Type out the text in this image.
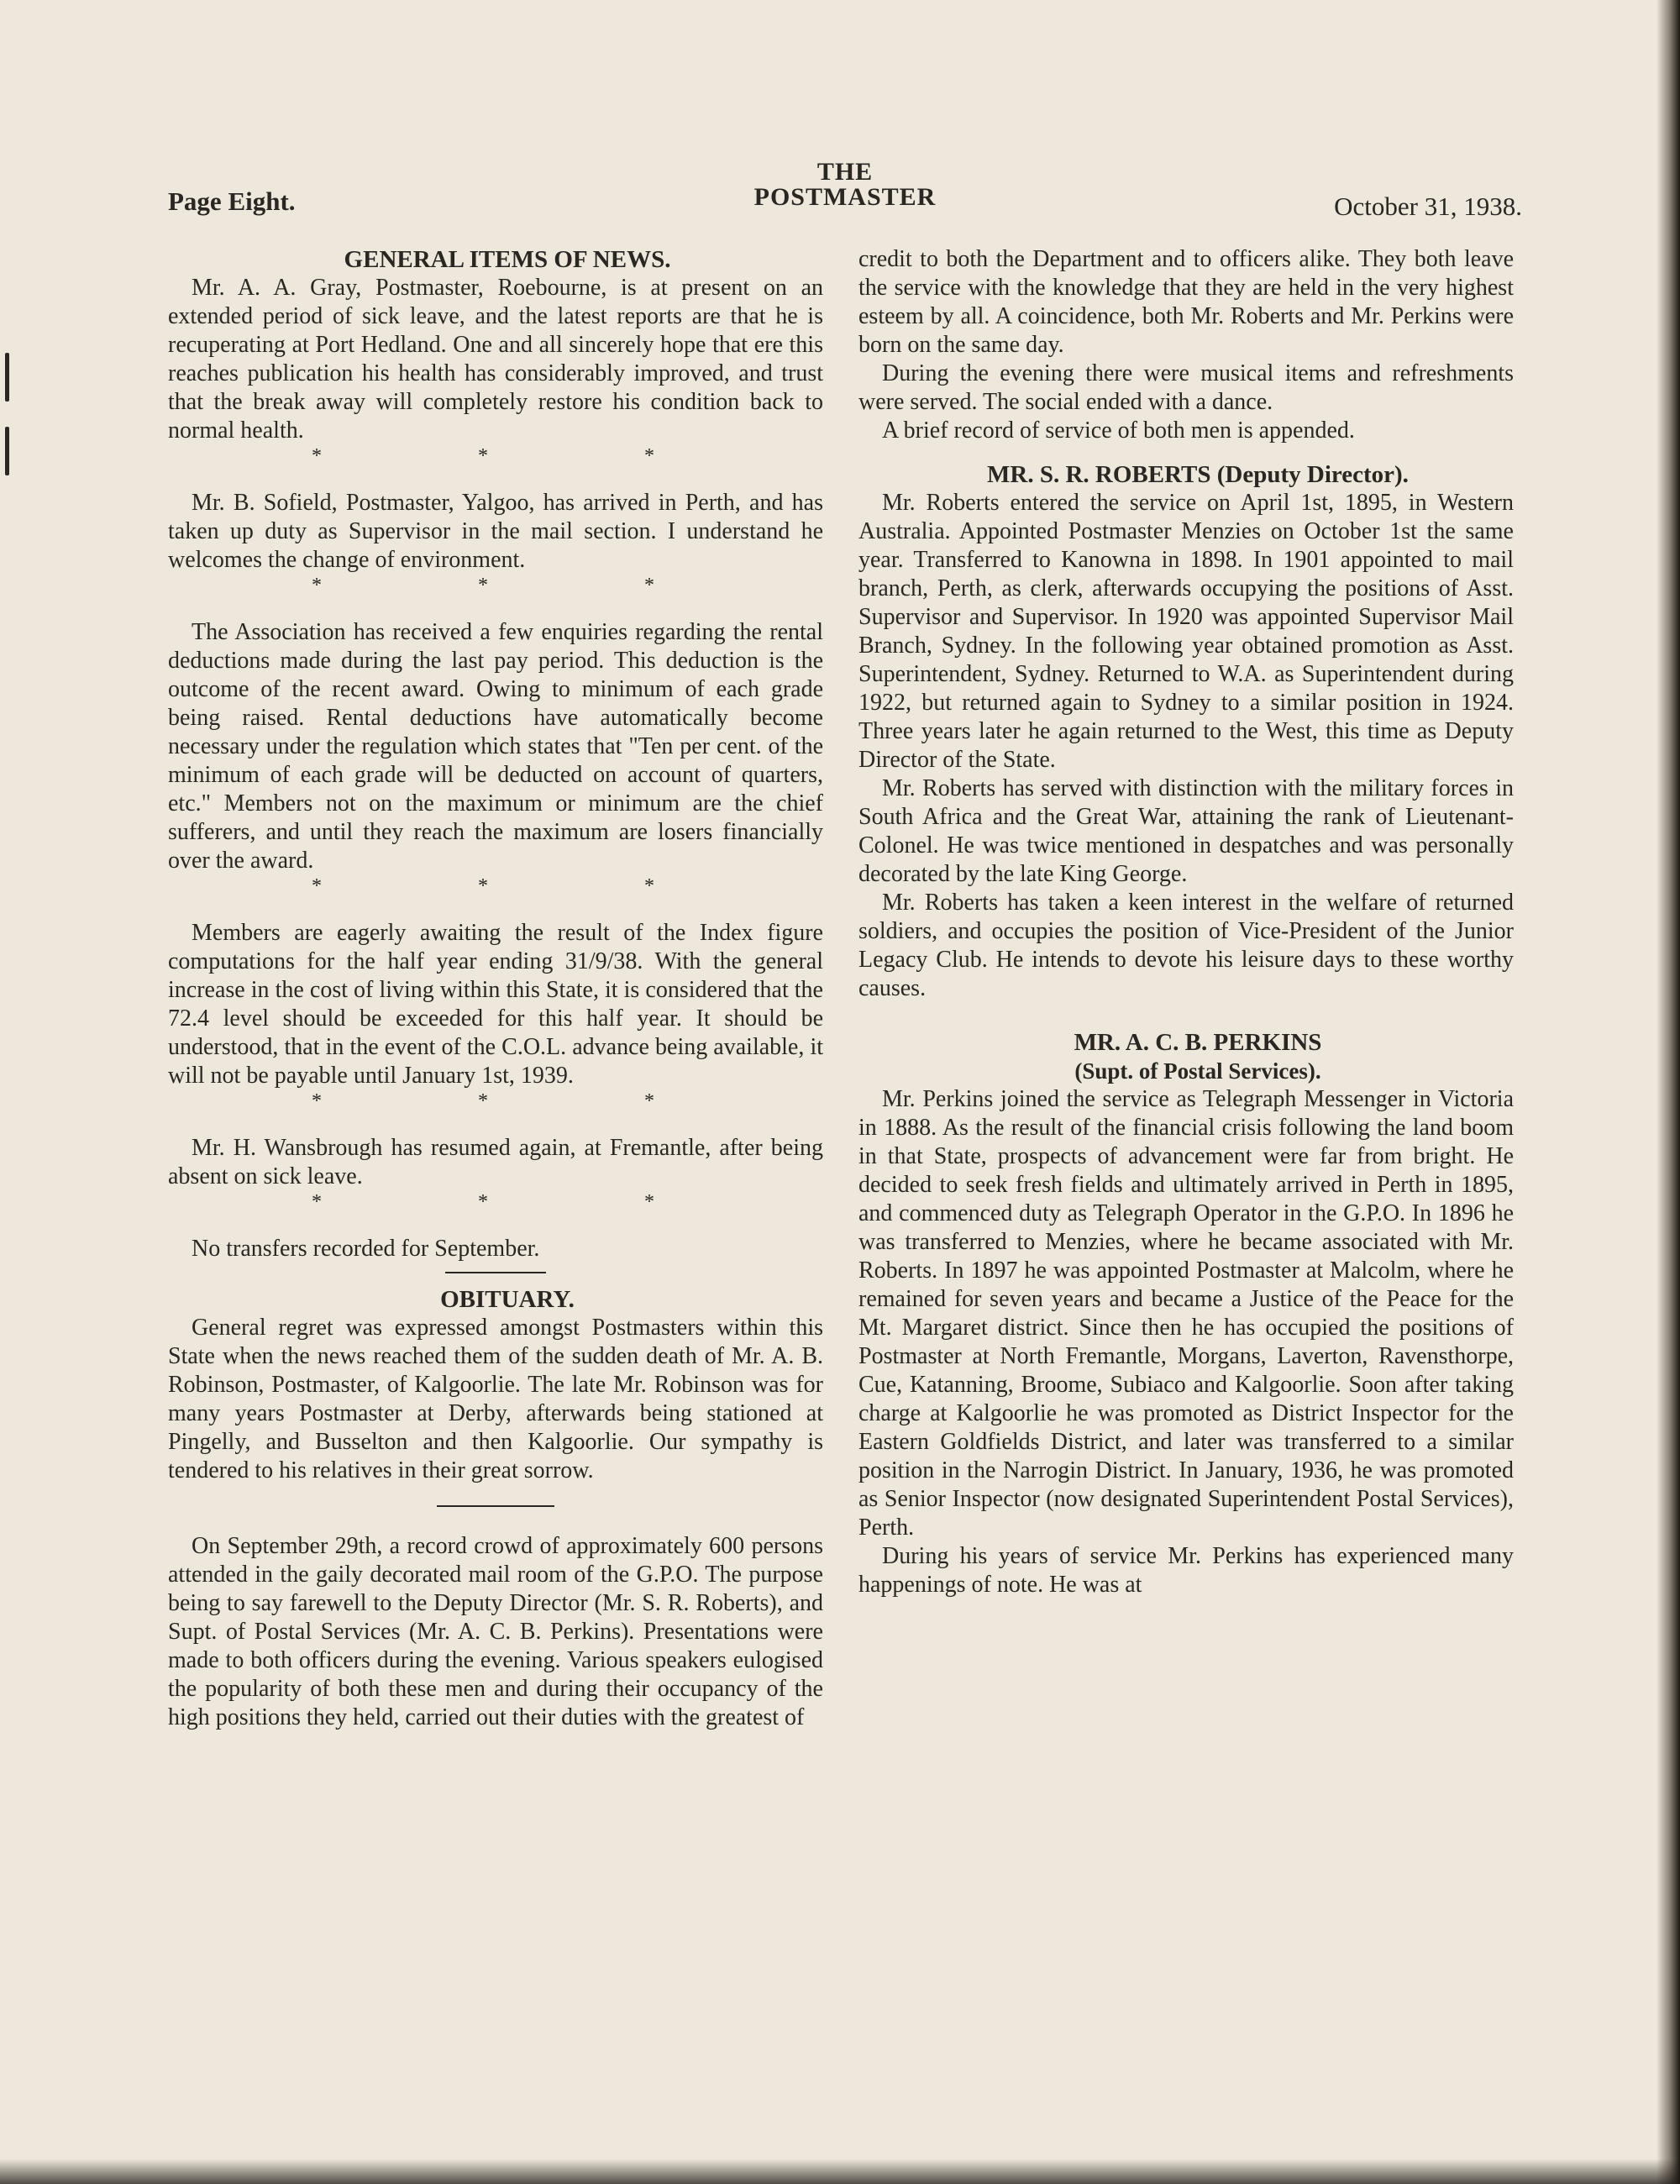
Page Eight.
THE
POSTMASTER	October 31, 1938.

GENERAL ITEMS OF NEWS.

Mr. A. A. Gray, Postmaster, Roebourne, is at present on an extended period of sick leave, and the latest reports are that he is recuperating at Port Hedland. One and all sincerely hope that ere this reaches publication his health has considerably improved, and trust that the break away will completely restore his condition back to normal health.

* * *

Mr. B. Sofield, Postmaster, Yalgoo, has arrived in Perth, and has taken up duty as Supervisor in the mail section. I understand he welcomes the change of environment.

* * *

The Association has received a few enquiries regarding the rental deductions made during the last pay period. This deduction is the outcome of the recent award. Owing to minimum of each grade being raised. Rental deductions have automatically become necessary under the regulation which states that "Ten per cent. of the minimum of each grade will be deducted on account of quarters, etc." Members not on the maximum or minimum are the chief sufferers, and until they reach the maximum are losers financially over the award.

* * *

Members are eagerly awaiting the result of the Index figure computations for the half year ending 31/9/38. With the general increase in the cost of living within this State, it is considered that the 72.4 level should be exceeded for this half year. It should be understood, that in the event of the C.O.L. advance being available, it will not be payable until January 1st, 1939.

* * *

Mr. H. Wansbrough has resumed again, at Fremantle, after being absent on sick leave.

* * *

No transfers recorded for September.

OBITUARY.

General regret was expressed amongst Postmasters within this State when the news reached them of the sudden death of Mr. A. B. Robinson, Postmaster, of Kalgoorlie. The late Mr. Robinson was for many years Postmaster at Derby, afterwards being stationed at Pingelly, and Busselton and then Kalgoorlie. Our sympathy is tendered to his relatives in their great sorrow.

On September 29th, a record crowd of approximately 600 persons attended in the gaily decorated mail room of the G.P.O. The purpose being to say farewell to the Deputy Director (Mr. S. R. Roberts), and Supt. of Postal Services (Mr. A. C. B. Perkins). Presentations were made to both officers during the evening. Various speakers eulogised the popularity of both these men and during their occupancy of the high positions they held, carried out their duties with the greatest of

credit to both the Department and to officers alike. They both leave the service with the knowledge that they are held in the very highest esteem by all. A coincidence, both Mr. Roberts and Mr. Perkins were born on the same day.

During the evening there were musical items and refreshments were served. The social ended with a dance.

A brief record of service of both men is appended.

MR. S. R. ROBERTS (Deputy Director).

Mr. Roberts entered the service on April 1st, 1895, in Western Australia. Appointed Postmaster Menzies on October 1st the same year. Transferred to Kanowna in 1898. In 1901 appointed to mail branch, Perth, as clerk, afterwards occupying the positions of Asst. Supervisor and Supervisor. In 1920 was appointed Supervisor Mail Branch, Sydney. In the following year obtained promotion as Asst. Superintendent, Sydney. Returned to W.A. as Superintendent during 1922, but returned again to Sydney to a similar position in 1924. Three years later he again returned to the West, this time as Deputy Director of the State.

Mr. Roberts has served with distinction with the military forces in South Africa and the Great War, attaining the rank of Lieutenant-Colonel. He was twice mentioned in despatches and was personally decorated by the late King George.

Mr. Roberts has taken a keen interest in the welfare of returned soldiers, and occupies the position of Vice-President of the Junior Legacy Club. He intends to devote his leisure days to these worthy causes.

MR. A. C. B. PERKINS

(Supt. of Postal Services).

Mr. Perkins joined the service as Telegraph Messenger in Victoria in 1888. As the result of the financial crisis following the land boom in that State, prospects of advancement were far from bright. He decided to seek fresh fields and ultimately arrived in Perth in 1895, and commenced duty as Telegraph Operator in the G.P.O. In 1896 he was transferred to Menzies, where he became associated with Mr. Roberts. In 1897 he was appointed Postmaster at Malcolm, where he remained for seven years and became a Justice of the Peace for the Mt. Margaret district. Since then he has occupied the positions of Postmaster at North Fremantle, Morgans, Laverton, Ravensthorpe, Cue, Katanning, Broome, Subiaco and Kalgoorlie. Soon after taking charge at Kalgoorlie he was promoted as District Inspector for the Eastern Goldfields District, and later was transferred to a similar position in the Narrogin District. In January, 1936, he was promoted as Senior Inspector (now designated Superintendent Postal Services), Perth.

During his years of service Mr. Perkins has experienced many happenings of note. He was at
